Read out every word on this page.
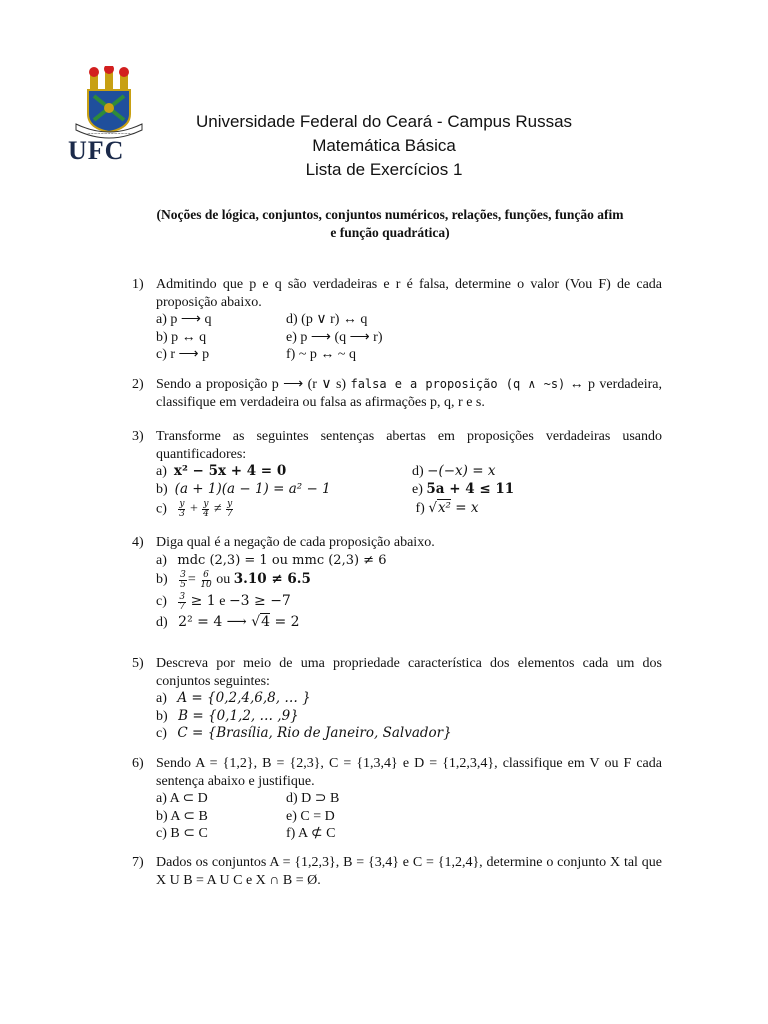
~~~~~~~~~~~~~
UFC
Universidade Federal do Ceará - Campus Russas
Matemática Básica
Lista de Exercícios 1
(Noções de lógica, conjuntos, conjuntos numéricos, relações, funções, função afim
e função quadrática)
1) Admitindo que p e q são verdadeiras e r é falsa, determine o valor (Vou F) de cada proposição abaixo.
a) p ⟶ q	d) (p ∨ r) ↔ q
b) p ↔ q	e) p ⟶ (q ⟶ r)
c) r ⟶ p	f) ~ p ↔ ~ q
2) Sendo a proposição p ⟶ (r ∨ s) falsa e a proposição (q ∧ ~s) ↔ p verdadeira, classifique em verdadeira ou falsa as afirmações p, q, r e s.
3) Transforme as seguintes sentenças abertas em proposições verdadeiras usando quantificadores:
a) x² − 5x + 4 = 0	d) −(−x) = x
b) (a + 1)(a − 1) = a² − 1	e) 5a + 4 ≤ 11
$c) \frac{y}{3} + \frac{y}{4} \ne \frac{y}{7}$	f) √x² = x
4) Diga qual é a negação de cada proposição abaixo.
a)
mdc (2,3) = 1 ou mmc (2,3) ≠ 6
b)
$\frac{3}{5}$ =
$\frac{6}{10}$
ou
3.10 ≠ 6.5
c)
$\frac{3}{7}$
≥ 1
e
−3 ≥ −7
d)
2² = 4 ⟶ √4 = 2
5) Descreva por meio de uma propriedade característica dos elementos cada um dos conjuntos seguintes:
a)
A = {0,2,4,6,8, … }
b)
B = {0,1,2, … ,9}
c)
C = {Brasília, Rio de Janeiro, Salvador}
6) Sendo A = {1,2}, B = {2,3}, C = {1,3,4} e D = {1,2,3,4}, classifique em V ou F cada sentença abaixo e justifique.
a) A ⊂ D	d) D ⊃ B
b) A ⊂ B	e) C = D
c) B ⊂ C	f) A ⊄ C
7) Dados os conjuntos A = {1,2,3}, B = {3,4} e C = {1,2,4}, determine o conjunto X tal que X U B = A U C e X ∩ B = Ø.
